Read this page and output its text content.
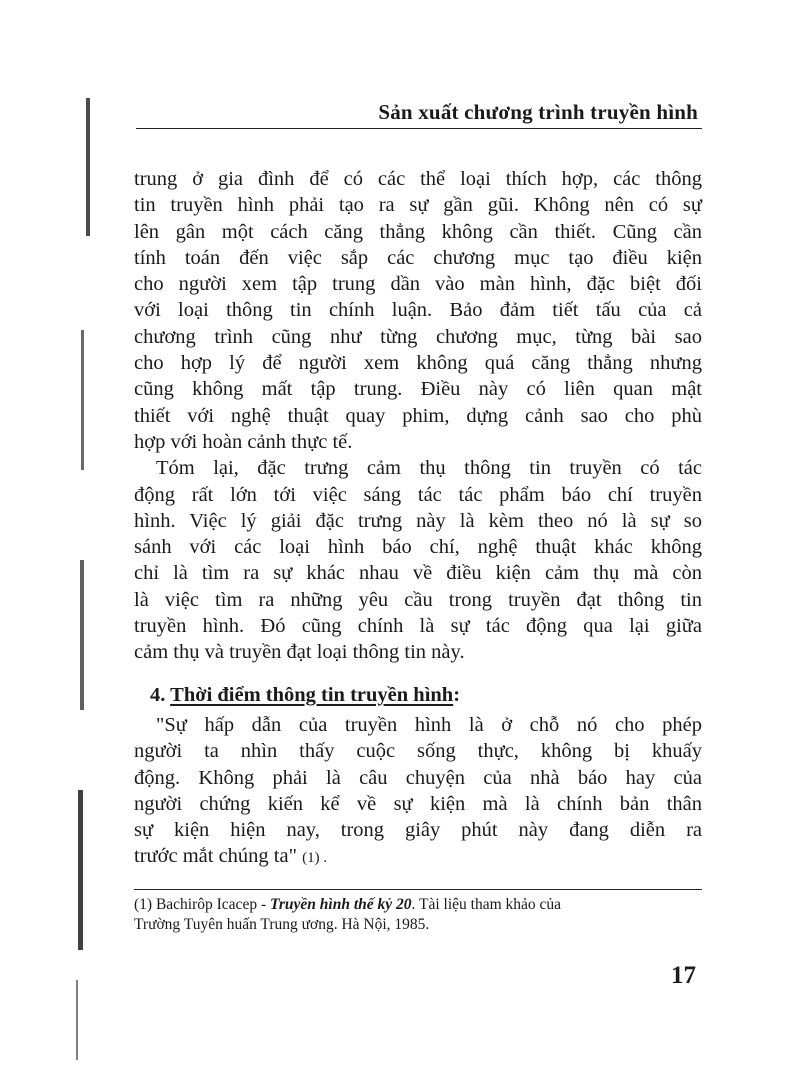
Sản xuất chương trình truyền hình
trung ở gia đình để có các thể loại thích hợp, các thông
tin truyền hình phải tạo ra sự gần gũi. Không nên có sự
lên gân một cách căng thẳng không cần thiết. Cũng cần
tính toán đến việc sắp các chương mục tạo điều kiện
cho người xem tập trung dần vào màn hình, đặc biệt đối
với loại thông tin chính luận. Bảo đảm tiết tấu của cả
chương trình cũng như từng chương mục, từng bài sao
cho hợp lý để người xem không quá căng thẳng nhưng
cũng không mất tập trung. Điều này có liên quan mật
thiết với nghệ thuật quay phim, dựng cảnh sao cho phù
hợp với hoàn cảnh thực tế.
Tóm lại, đặc trưng cảm thụ thông tin truyền có tác
động rất lớn tới việc sáng tác tác phẩm báo chí truyền
hình. Việc lý giải đặc trưng này là kèm theo nó là sự so
sánh với các loại hình báo chí, nghệ thuật khác không
chỉ là tìm ra sự khác nhau về điều kiện cảm thụ mà còn
là việc tìm ra những yêu cầu trong truyền đạt thông tin
truyền hình. Đó cũng chính là sự tác động qua lại giữa
cảm thụ và truyền đạt loại thông tin này.
4. Thời điểm thông tin truyền hình:
"Sự hấp dẫn của truyền hình là ở chỗ nó cho phép
người ta nhìn thấy cuộc sống thực, không bị khuấy
động. Không phải là câu chuyện của nhà báo hay của
người chứng kiến kể về sự kiện mà là chính bản thân
sự kiện hiện nay, trong giây phút này đang diễn ra
trước mắt chúng ta" (1) .
(1) Bachirôp Icacep - Truyền hình thế kỷ 20. Tài liệu tham khảo của
Trường Tuyên huấn Trung ương. Hà Nội, 1985.
17
